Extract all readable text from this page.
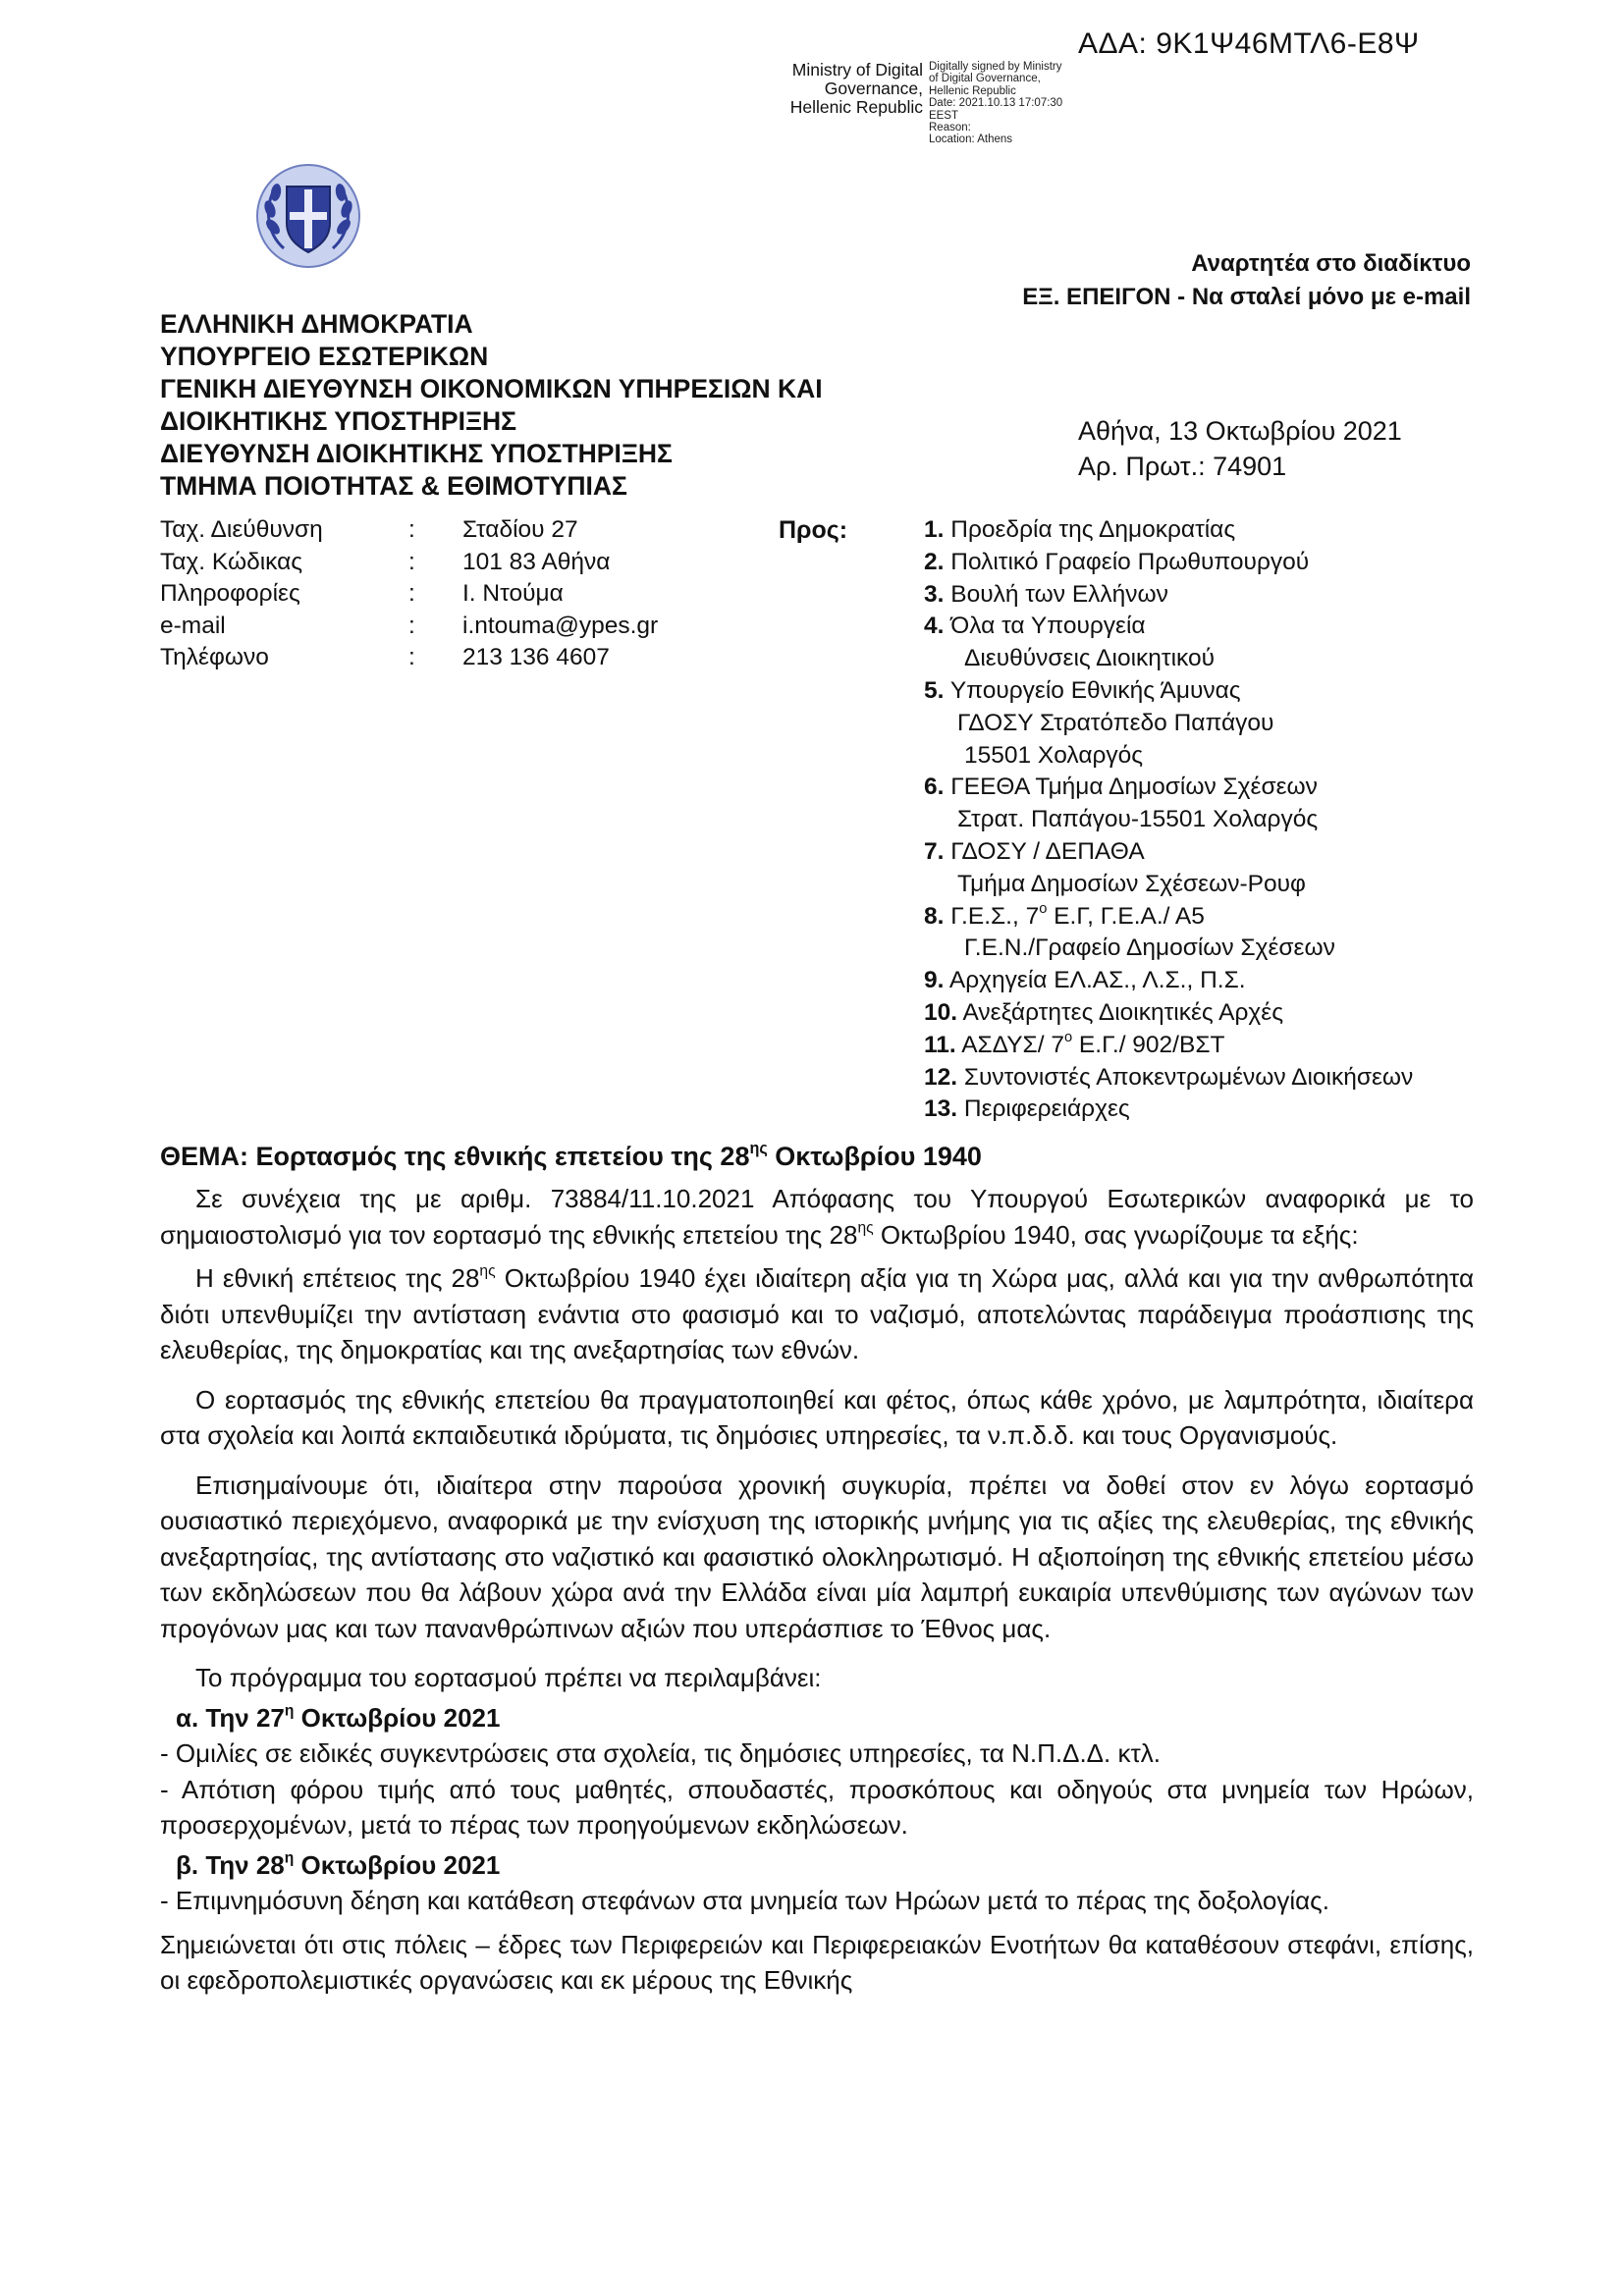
ΑΔΑ: 9Κ1Ψ46ΜΤΛ6-Ε8Ψ
Ministry of Digital
Governance,
Hellenic Republic
Digitally signed by Ministry
of Digital Governance,
Hellenic Republic
Date: 2021.10.13 17:07:30
EEST
Reason:
Location: Athens
Αναρτητέα στο διαδίκτυο
ΕΞ. ΕΠΕΙΓΟΝ - Να σταλεί μόνο με e-mail
ΕΛΛΗΝΙΚΗ ΔΗΜΟΚΡΑΤΙΑ
ΥΠΟΥΡΓΕΙΟ ΕΣΩΤΕΡΙΚΩΝ
ΓΕΝΙΚΗ ΔΙΕΥΘΥΝΣΗ ΟΙΚΟΝΟΜΙΚΩΝ ΥΠΗΡΕΣΙΩΝ ΚΑΙ
ΔΙΟΙΚΗΤΙΚΗΣ ΥΠΟΣΤΗΡΙΞΗΣ
ΔΙΕΥΘΥΝΣΗ ΔΙΟΙΚΗΤΙΚΗΣ ΥΠΟΣΤΗΡΙΞΗΣ
ΤΜΗΜΑ ΠΟΙΟΤΗΤΑΣ & ΕΘΙΜΟΤΥΠΙΑΣ
Αθήνα, 13 Οκτωβρίου 2021
Αρ. Πρωτ.: 74901
Ταχ. Διεύθυνση	: Σταδίου 27
Ταχ. Κώδικας	: 101 83 Αθήνα
Πληροφορίες	: Ι. Ντούμα
e-mail	: i.ntouma@ypes.gr
Τηλέφωνο	: 213 136 4607
Προς:	1. Προεδρία της Δημοκρατίας
2. Πολιτικό Γραφείο Πρωθυπουργού
3. Βουλή των Ελλήνων
4. Όλα τα Υπουργεία
Διευθύνσεις Διοικητικού
5. Υπουργείο Εθνικής Άμυνας
ΓΔΟΣΥ Στρατόπεδο Παπάγου
15501 Χολαργός
6. ΓΕΕΘΑ Τμήμα Δημοσίων Σχέσεων
Στρατ. Παπάγου-15501 Χολαργός
7. ΓΔΟΣΥ / ΔΕΠΑΘΑ
Τμήμα Δημοσίων Σχέσεων-Ρουφ
8. Γ.Ε.Σ., $7^o$ Ε.Γ, Γ.Ε.Α./ Α5
Γ.Ε.Ν./Γραφείο Δημοσίων Σχέσεων
9. Αρχηγεία ΕΛ.ΑΣ., Λ.Σ., Π.Σ.
10. Ανεξάρτητες Διοικητικές Αρχές
11. ΑΣΔΥΣ/ $7^o$ Ε.Γ./ 902/ΒΣΤ
12. Συντονιστές Αποκεντρωμένων Διοικήσεων
13. Περιφερειάρχες
ΘΕΜΑ: Εορτασμός της εθνικής επετείου της $28^{\eta\varsigma}$ Οκτωβρίου 1940

Σε συνέχεια της με αριθμ. 73884/11.10.2021 Απόφασης του Υπουργού Εσωτερικών αναφορικά με το σημαιοστολισμό για τον εορτασμό της εθνικής επετείου της $28^{\eta\varsigma}$ Οκτωβρίου 1940, σας γνωρίζουμε τα εξής:

Η εθνική επέτειος της $28^{\eta\varsigma}$ Οκτωβρίου 1940 έχει ιδιαίτερη αξία για τη Χώρα μας, αλλά και για την ανθρωπότητα διότι υπενθυμίζει την αντίσταση ενάντια στο φασισμό και το ναζισμό, αποτελώντας παράδειγμα προάσπισης της ελευθερίας, της δημοκρατίας και της ανεξαρτησίας των εθνών.

Ο εορτασμός της εθνικής επετείου θα πραγματοποιηθεί και φέτος, όπως κάθε χρόνο, με λαμπρότητα, ιδιαίτερα στα σχολεία και λοιπά εκπαιδευτικά ιδρύματα, τις δημόσιες υπηρεσίες, τα ν.π.δ.δ. και τους Οργανισμούς.

Επισημαίνουμε ότι, ιδιαίτερα στην παρούσα χρονική συγκυρία, πρέπει να δοθεί στον εν λόγω εορτασμό ουσιαστικό περιεχόμενο, αναφορικά με την ενίσχυση της ιστορικής μνήμης για τις αξίες της ελευθερίας, της εθνικής ανεξαρτησίας, της αντίστασης στο ναζιστικό και φασιστικό ολοκληρωτισμό. Η αξιοποίηση της εθνικής επετείου μέσω των εκδηλώσεων που θα λάβουν χώρα ανά την Ελλάδα είναι μία λαμπρή ευκαιρία υπενθύμισης των αγώνων των προγόνων μας και των πανανθρώπινων αξιών που υπεράσπισε το Έθνος μας.

Το πρόγραμμα του εορτασμού πρέπει να περιλαμβάνει:

α. Την $27^\eta$ Οκτωβρίου 2021

- Ομιλίες σε ειδικές συγκεντρώσεις στα σχολεία, τις δημόσιες υπηρεσίες, τα Ν.Π.Δ.Δ. κτλ.

- Απότιση φόρου τιμής από τους μαθητές, σπουδαστές, προσκόπους και οδηγούς στα μνημεία των Ηρώων, προσερχομένων, μετά το πέρας των προηγούμενων εκδηλώσεων.

β. Την $28^\eta$ Οκτωβρίου 2021

- Επιμνημόσυνη δέηση και κατάθεση στεφάνων στα μνημεία των Ηρώων μετά το πέρας της δοξολογίας.

Σημειώνεται ότι στις πόλεις – έδρες των Περιφερειών και Περιφερειακών Ενοτήτων θα καταθέσουν στεφάνι, επίσης, οι εφεδροπολεμιστικές οργανώσεις και εκ μέρους της Εθνικής
